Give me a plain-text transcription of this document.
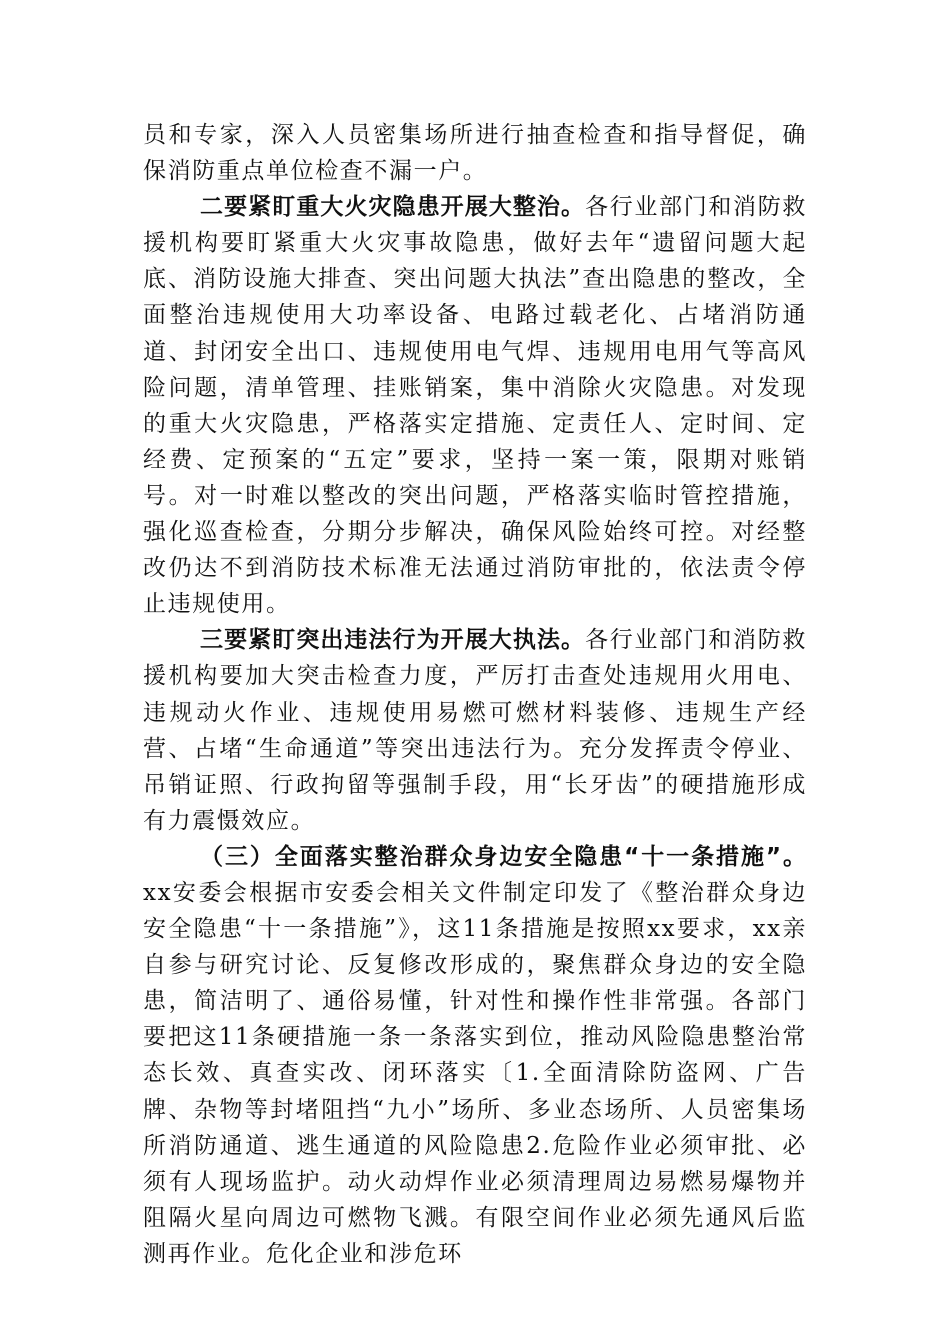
员和专家，深入人员密集场所进行抽查检查和指导督促，确保消防重点单位检查不漏一户。

二要紧盯重大火灾隐患开展大整治。各行业部门和消防救援机构要盯紧重大火灾事故隐患，做好去年“遗留问题大起底、消防设施大排查、突出问题大执法”查出隐患的整改，全面整治违规使用大功率设备、电路过载老化、占堵消防通道、封闭安全出口、违规使用电气焊、违规用电用气等高风险问题，清单管理、挂账销案，集中消除火灾隐患。对发现的重大火灾隐患，严格落实定措施、定责任人、定时间、定经费、定预案的“五定”要求，坚持一案一策，限期对账销号。对一时难以整改的突出问题，严格落实临时管控措施，强化巡查检查，分期分步解决，确保风险始终可控。对经整改仍达不到消防技术标准无法通过消防审批的，依法责令停止违规使用。

三要紧盯突出违法行为开展大执法。各行业部门和消防救援机构要加大突击检查力度，严厉打击查处违规用火用电、违规动火作业、违规使用易燃可燃材料装修、违规生产经营、占堵“生命通道”等突出违法行为。充分发挥责令停业、吊销证照、行政拘留等强制手段，用“长牙齿”的硬措施形成有力震慑效应。

（三）全面落实整治群众身边安全隐患“十一条措施”。xx安委会根据市安委会相关文件制定印发了《整治群众身边安全隐患“十一条措施”》，这11条措施是按照xx要求，xx亲自参与研究讨论、反复修改形成的，聚焦群众身边的安全隐患，简洁明了、通俗易懂，针对性和操作性非常强。各部门要把这11条硬措施一条一条落实到位，推动风险隐患整治常态长效、真查实改、闭环落实〔1.全面清除防盗网、广告牌、杂物等封堵阻挡“九小”场所、多业态场所、人员密集场所消防通道、逃生通道的风险隐患2.危险作业必须审批、必须有人现场监护。动火动焊作业必须清理周边易燃易爆物并阻隔火星向周边可燃物飞溅。有限空间作业必须先通风后监测再作业。危化企业和涉危环
